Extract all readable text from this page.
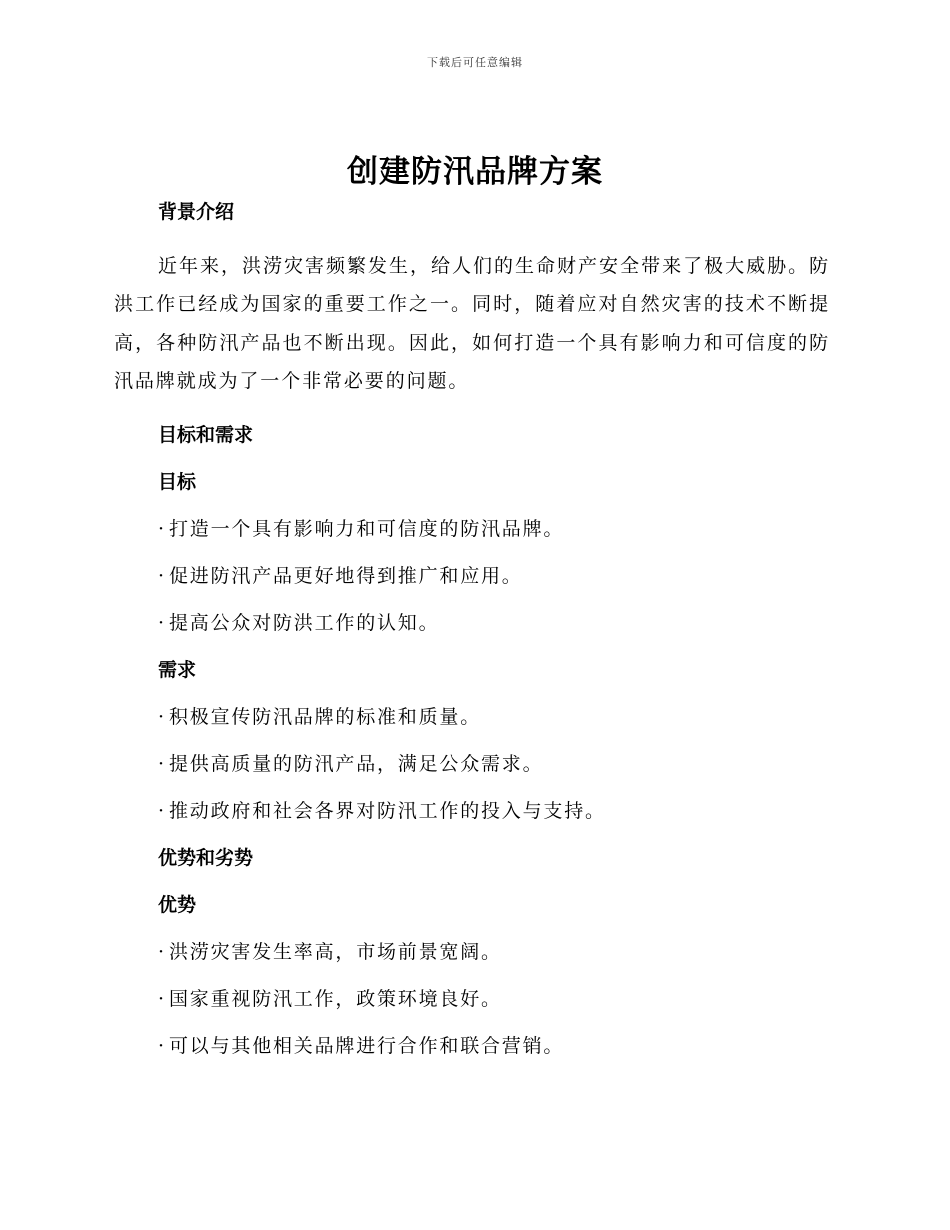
下载后可任意编辑
创建防汛品牌方案
背景介绍
近年来，洪涝灾害频繁发生，给人们的生命财产安全带来了极大威胁。防洪工作已经成为国家的重要工作之一。同时，随着应对自然灾害的技术不断提高，各种防汛产品也不断出现。因此，如何打造一个具有影响力和可信度的防汛品牌就成为了一个非常必要的问题。
目标和需求
目标
· 打造一个具有影响力和可信度的防汛品牌。
· 促进防汛产品更好地得到推广和应用。
· 提高公众对防洪工作的认知。
需求
· 积极宣传防汛品牌的标准和质量。
· 提供高质量的防汛产品，满足公众需求。
· 推动政府和社会各界对防汛工作的投入与支持。
优势和劣势
优势
· 洪涝灾害发生率高，市场前景宽阔。
· 国家重视防汛工作，政策环境良好。
· 可以与其他相关品牌进行合作和联合营销。
